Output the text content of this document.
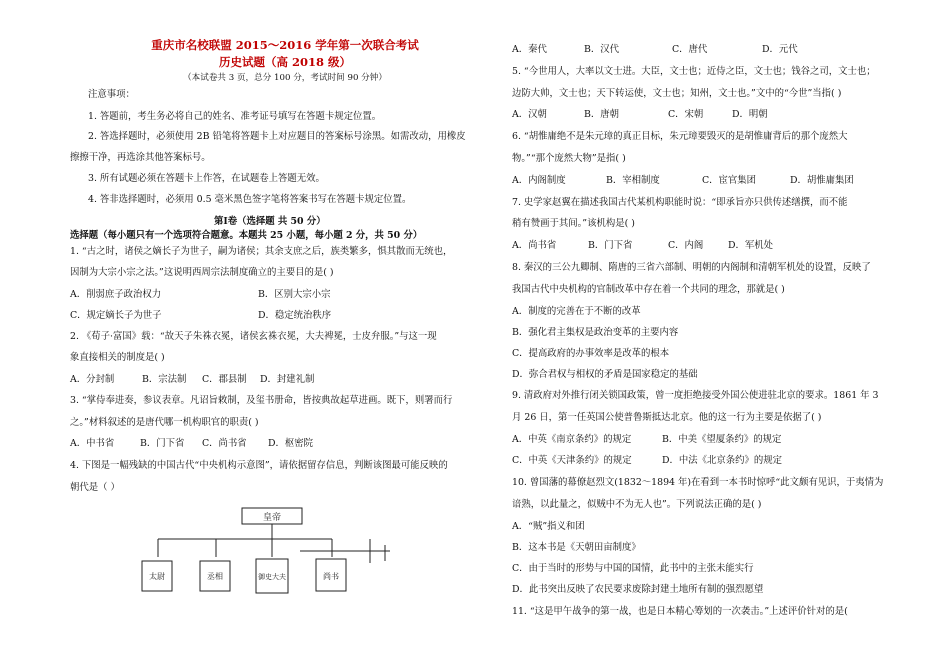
重庆市名校联盟 2015～2016 学年第一次联合考试
历史试题（高 2018 级）
（本试卷共 3 页，总分 100 分，考试时间 90 分钟）
注意事项：
1. 答题前，考生务必将自己的姓名、准考证号填写在答题卡规定位置。
2. 答选择题时，必须使用 2B 铅笔将答题卡上对应题目的答案标号涂黑。如需改动，用橡皮
擦擦干净，再选涂其他答案标号。
3. 所有试题必须在答题卡上作答，在试题卷上答题无效。
4. 答非选择题时，必须用 0.5 毫米黑色签字笔将答案书写在答题卡规定位置。
第Ⅰ卷（选择题 共 50 分）
选择题（每小题只有一个选项符合题意。本题共 25 小题，每小题 2 分，共 50 分）
1. “古之时，诸侯之嫡长子为世子，嗣为诸侯；其余支庶之后，族类繁多，惧其散而无统也，
因制为大宗小宗之法。”这说明西周宗法制度确立的主要目的是( )
A．削弱庶子政治权力	B．区别大宗小宗
C．规定嫡长子为世子	D．稳定统治秩序
2. 《荀子·富国》载：“故天子朱袾衣冕，诸侯玄袾衣冕，大夫裨冕，士皮弁服。”与这一现
象直接相关的制度是( )
A．分封制	B．宗法制 C．郡县制 D．封建礼制
3. “掌侍奉进奏，参议表章。凡诏旨敕制，及玺书册命，皆按典故起草进画。既下，则署而行
之。”材料叙述的是唐代哪一机构职官的职责( )
A．中书省	B．门下省 C．尚书省 D．枢密院
4. 下图是一幅残缺的中国古代“中央机构示意图”，请依据留存信息，判断该图最可能反映的
朝代是（ ）
皇帝
太尉	丞相	御史大夫	尚书
A．秦代	B．汉代	C．唐代	D．元代
5. “今世用人，大率以文士进。大臣，文士也；近侍之臣，文士也；钱谷之司，文士也；
边防大帅，文士也；天下转运使，文士也；知州，文士也。”文中的“今世”当指( )
A．汉朝	B．唐朝	C．宋朝	D．明朝
6. “胡惟庸绝不是朱元璋的真正目标，朱元璋要毁灭的是胡惟庸背后的那个庞然大
物。”“那个庞然大物”是指( )
A．内阁制度	B．宰相制度	C．宦官集团	D．胡惟庸集团
7. 史学家赵翼在描述我国古代某机构职能时说：“即承旨亦只供传述缮撰，而不能
稍有赞画于其间。”该机构是( )
A．尚书省	B．门下省	C．内阁	D．军机处
8. 秦汉的三公九卿制、隋唐的三省六部制、明朝的内阁制和清朝军机处的设置，反映了
我国古代中央机构的官制改革中存在着一个共同的理念，那就是( )
A．制度的完善在于不断的改革
B．强化君主集权是政治变革的主要内容
C．提高政府的办事效率是改革的根本
D．弥合君权与相权的矛盾是国家稳定的基础
9. 清政府对外推行闭关锁国政策，曾一度拒绝接受外国公使进驻北京的要求。1861 年 3
月 26 日，第一任英国公使普鲁斯抵达北京。他的这一行为主要是依据了( )
A．中英《南京条约》的规定	B．中美《望厦条约》的规定
C．中英《天津条约》的规定	D．中法《北京条约》的规定
10. 曾国藩的幕僚赵烈文(1832～1894 年)在看到一本书时惊呼“此文颇有见识，于夷情为
谙熟，以此量之，似贼中不为无人也”。下列说法正确的是( )
A．“贼”指义和团
B．这本书是《天朝田亩制度》
C．由于当时的形势与中国的国情，此书中的主张未能实行
D．此书突出反映了农民要求废除封建土地所有制的强烈愿望
11. “这是甲午战争的第一战，也是日本精心筹划的一次袭击。”上述评价针对的是(
